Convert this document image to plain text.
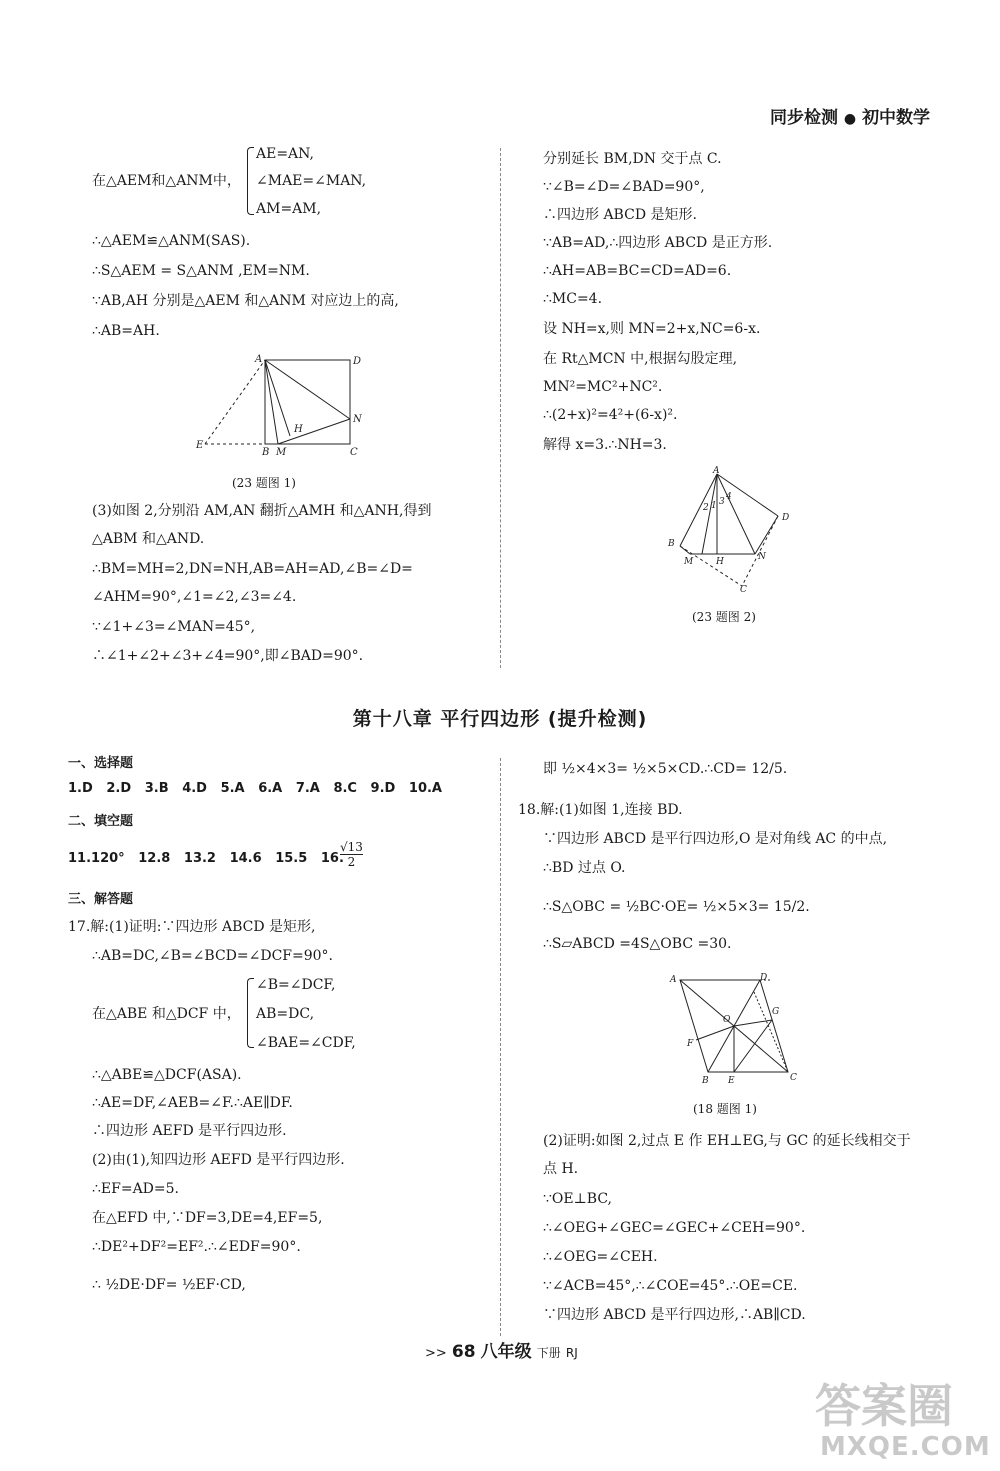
同步检测 ● 初中数学
在△AEM和△ANM中，
AE=AN,
∠MAE=∠MAN,
AM=AM,
∴△AEM≌△ANM(SAS).
∴S△AEM = S△ANM ,EM=NM.
∵AB,AH 分别是△AEM 和△ANM 对应边上的高,
∴AB=AH.
A	D
N
H
E
B M	C
(23 题图 1)
(3)如图 2,分别沿 AM,AN 翻折△AMH 和△ANH,得到
△ABM 和△AND.
∴BM=MH=2,DN=NH,AB=AH=AD,∠B=∠D=
∠AHM=90°,∠1=∠2,∠3=∠4.
∵∠1+∠3=∠MAN=45°,
∴∠1+∠2+∠3+∠4=90°,即∠BAD=90°.
分别延长 BM,DN 交于点 C.
∵∠B=∠D=∠BAD=90°,
∴四边形 ABCD 是矩形.
∵AB=AD,∴四边形 ABCD 是正方形.
∴AH=AB=BC=CD=AD=6.
∴MC=4.
设 NH=x,则 MN=2+x,NC=6-x.
在 Rt△MCN 中,根据勾股定理,
MN²=MC²+NC².
∴(2+x)²=4²+(6-x)².
解得 x=3.∴NH=3.
A
D
B
M	H	N
C
2 1 3 4
(23 题图 2)
第十八章 平行四边形 (提升检测)
一、选择题
1.D 2.D 3.B 4.D 5.A 6.A 7.A 8.C 9.D 10.A
二、填空题
11.120° 12.8 13.2 14.6 15.5 16.
$\frac{√13}{2}$
三、解答题
17.解:(1)证明:∵四边形 ABCD 是矩形,
∴AB=DC,∠B=∠BCD=∠DCF=90°.
在△ABE 和△DCF 中，
∠B=∠DCF,
AB=DC,
∠BAE=∠CDF,
∴△ABE≌△DCF(ASA).
∴AE=DF,∠AEB=∠F.∴AE∥DF.
∴四边形 AEFD 是平行四边形.
(2)由(1),知四边形 AEFD 是平行四边形.
∴EF=AD=5.
在△EFD 中,∵DF=3,DE=4,EF=5,
∴DE²+DF²=EF².∴∠EDF=90°.
∴ ½DE·DF= ½EF·CD,
即 ½×4×3= ½×5×CD.∴CD= 12/5.
18.解:(1)如图 1,连接 BD.
∵四边形 ABCD 是平行四边形,O 是对角线 AC 的中点,
∴BD 过点 O.
∴S△OBC = ½BC·OE= ½×5×3= 15/2.
∴S▱ABCD =4S△OBC =30.
A	D
O
G
F
B E	C
(18 题图 1)
(2)证明:如图 2,过点 E 作 EH⊥EG,与 GC 的延长线相交于
点 H.
∵OE⊥BC,
∴∠OEG+∠GEC=∠GEC+∠CEH=90°.
∴∠OEG=∠CEH.
∵∠ACB=45°,∴∠COE=45°.∴OE=CE.
∵四边形 ABCD 是平行四边形,∴AB∥CD.
>> 68 八年级 下册 RJ
答案圈
MXQE.COM
